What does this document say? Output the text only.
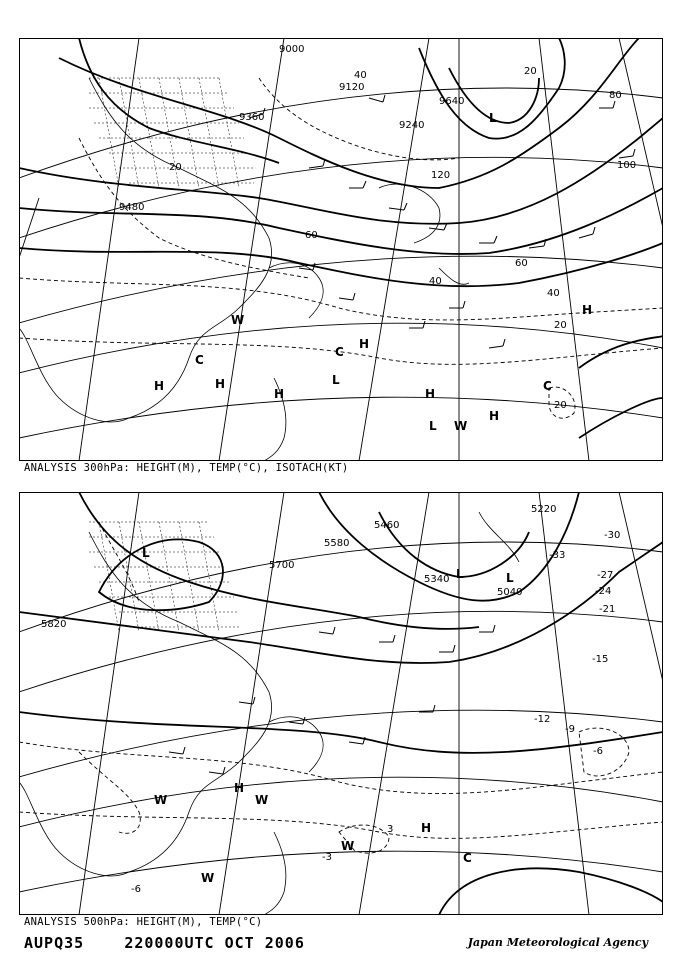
9120
9360
9480
9240
9640
9000
20
40
60
80
100
120
20
40
60
20
40
20
H	H
H
H
H
H
H
L
L
L
C
C
C
W
W
ANALYSIS 300hPa: HEIGHT(M), TEMP(°C), ISOTACH(KT)
5820
5700
5580
5460
5220
5340
5040
-6
-9
-12
-15
-21
-24
-27
-30
-33
3
-3
-6
L
L
L
H
H
W	W
W
W
C
ANALYSIS 500hPa: HEIGHT(M), TEMP(°C)
AUPQ35	220000UTC OCT 2006	Japan Meteorological Agency
